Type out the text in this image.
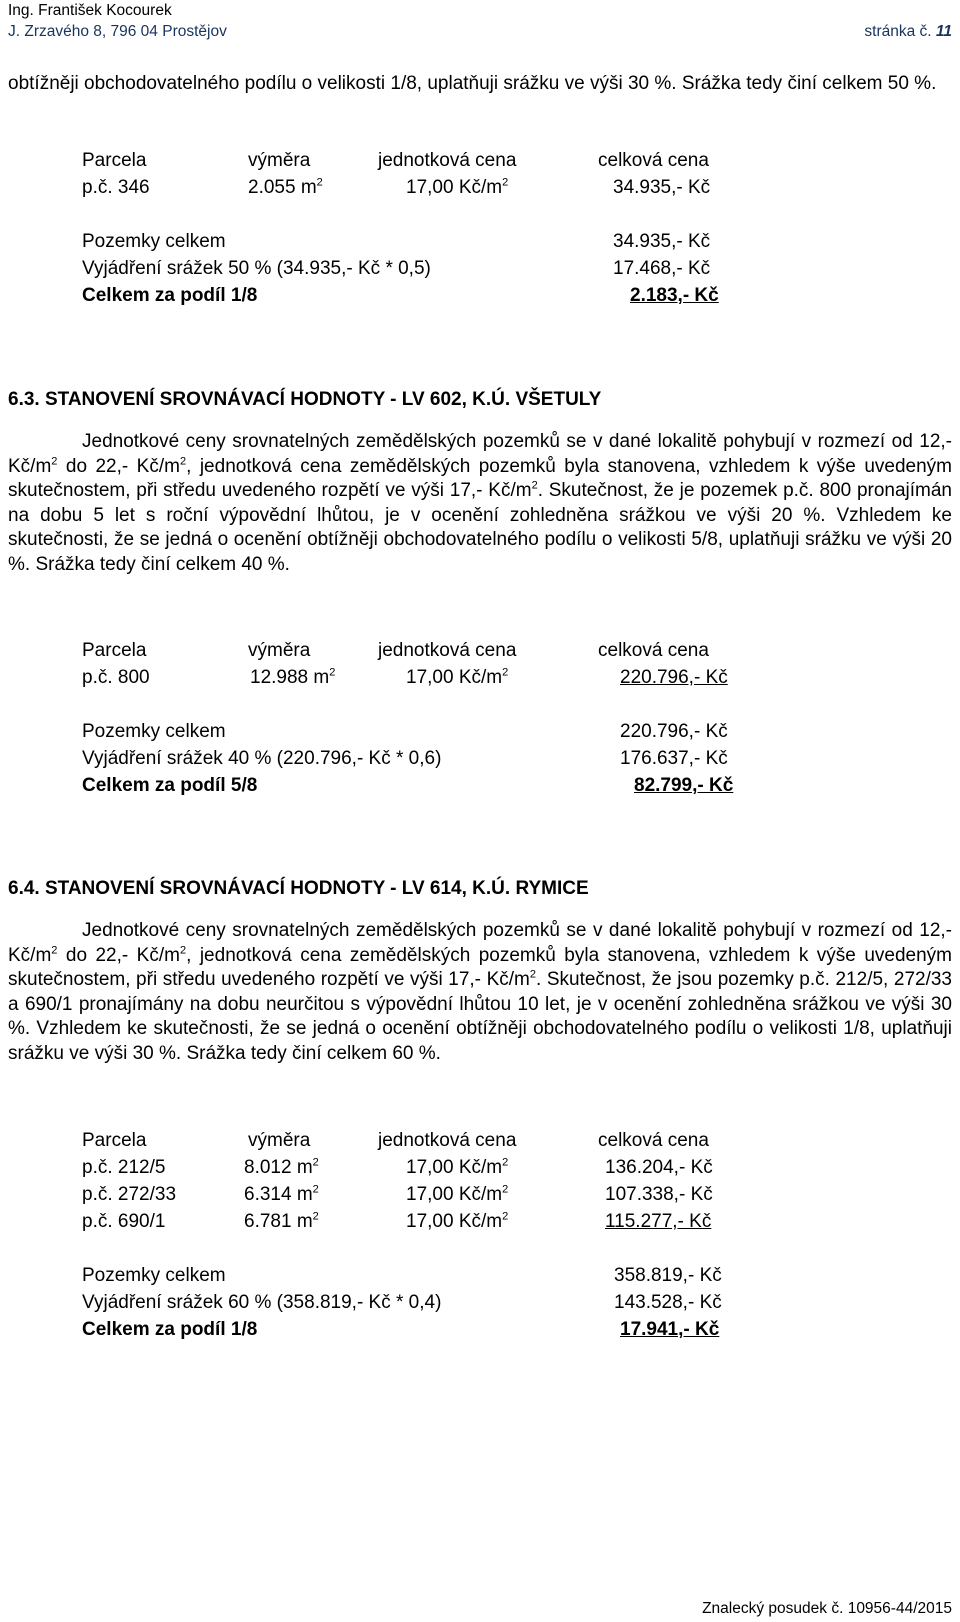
Ing. František Kocourek
J. Zrzavého 8, 796 04 Prostějov	stránka č. 11
obtížněji obchodovatelného podílu o velikosti 1/8, uplatňuji srážku ve výši 30 %. Srážka tedy činí celkem 50 %.
Parcela	výměra	jednotková cena	celková cena
p.č. 346	2.055 $m^2$	17,00 $Kč/m^2$	34.935,- Kč
Pozemky celkem	34.935,- Kč
Vyjádření srážek 50 % (34.935,- Kč * 0,5)	17.468,- Kč
Celkem za podíl 1/8	2.183,- Kč
6.3. STANOVENÍ SROVNÁVACÍ HODNOTY - LV 602, K.Ú. VŠETULY
Jednotkové ceny srovnatelných zemědělských pozemků se v dané lokalitě pohybují v rozmezí od 12,- $Kč/m^2$ do 22,- $Kč/m^2$, jednotková cena zemědělských pozemků byla stanovena, vzhledem k výše uvedeným skutečnostem, při středu uvedeného rozpětí ve výši 17,- $Kč/m^2$. Skutečnost, že je pozemek p.č. 800 pronajímán na dobu 5 let s roční výpovědní lhůtou, je v ocenění zohledněna srážkou ve výši 20 %. Vzhledem ke skutečnosti, že se jedná o ocenění obtížněji obchodovatelného podílu o velikosti 5/8, uplatňuji srážku ve výši 20 %. Srážka tedy činí celkem 40 %.
Parcela	výměra	jednotková cena	celková cena
p.č. 800	12.988 $m^2$	17,00 $Kč/m^2$	220.796,- Kč
Pozemky celkem	220.796,- Kč
Vyjádření srážek 40 % (220.796,- Kč * 0,6)	176.637,- Kč
Celkem za podíl 5/8	82.799,- Kč
6.4. STANOVENÍ SROVNÁVACÍ HODNOTY - LV 614, K.Ú. RYMICE
Jednotkové ceny srovnatelných zemědělských pozemků se v dané lokalitě pohybují v rozmezí od 12,- $Kč/m^2$ do 22,- $Kč/m^2$, jednotková cena zemědělských pozemků byla stanovena, vzhledem k výše uvedeným skutečnostem, při středu uvedeného rozpětí ve výši 17,- $Kč/m^2$. Skutečnost, že jsou pozemky p.č. 212/5, 272/33 a 690/1 pronajímány na dobu neurčitou s výpovědní lhůtou 10 let, je v ocenění zohledněna srážkou ve výši 30 %. Vzhledem ke skutečnosti, že se jedná o ocenění obtížněji obchodovatelného podílu o velikosti 1/8, uplatňuji srážku ve výši 30 %. Srážka tedy činí celkem 60 %.
Parcela	výměra	jednotková cena	celková cena
p.č. 212/5	8.012 $m^2$	17,00 $Kč/m^2$	136.204,- Kč
p.č. 272/33	6.314 $m^2$	17,00 $Kč/m^2$	107.338,- Kč
p.č. 690/1	6.781 $m^2$	17,00 $Kč/m^2$	115.277,- Kč
Pozemky celkem	358.819,- Kč
Vyjádření srážek 60 % (358.819,- Kč * 0,4)	143.528,- Kč
Celkem za podíl 1/8	17.941,- Kč
Znalecký posudek č. 10956-44/2015
